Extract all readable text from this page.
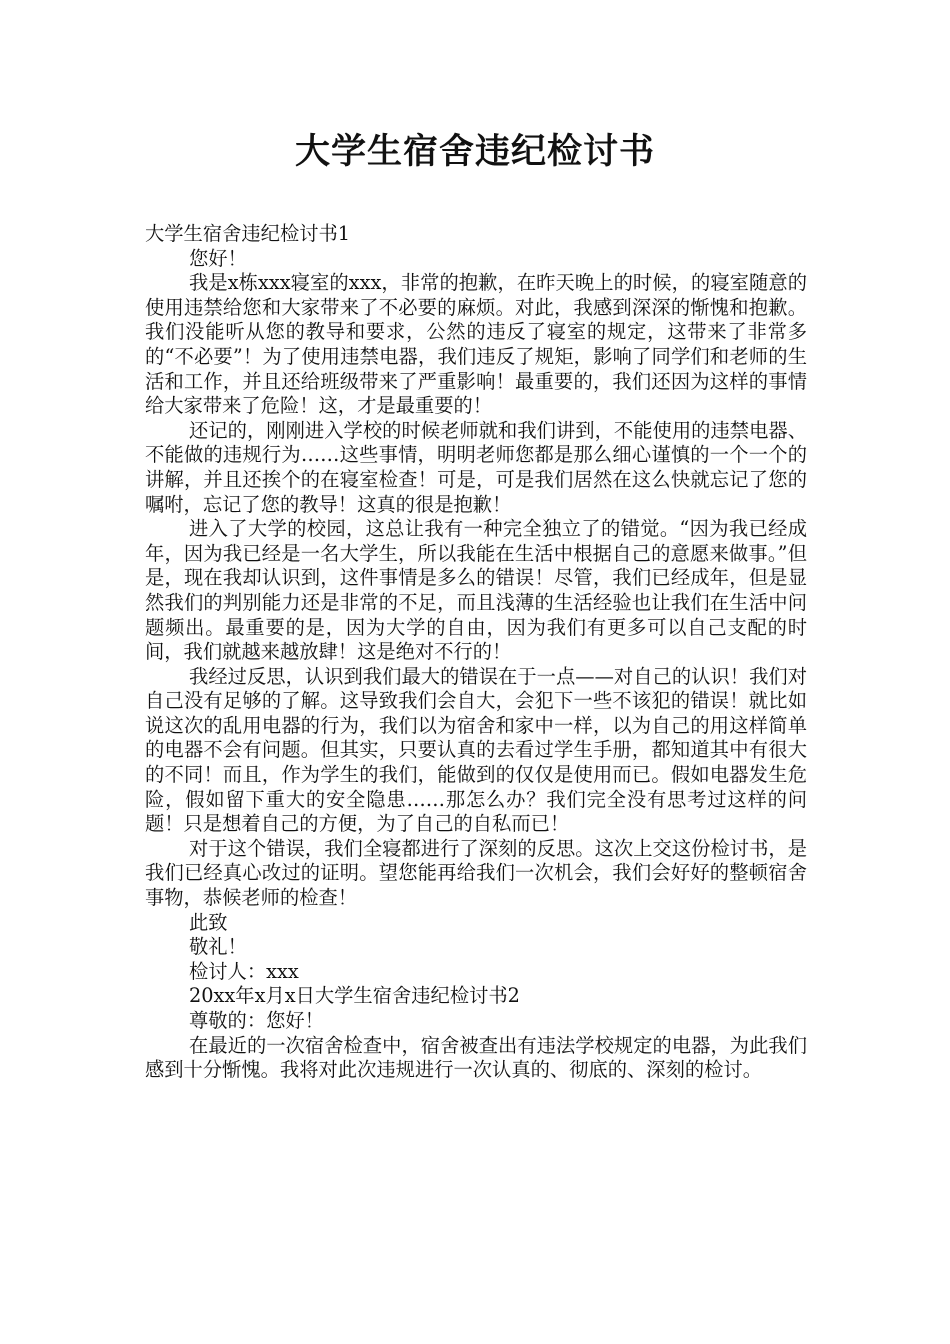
大学生宿舍违纪检讨书

大学生宿舍违纪检讨书1

您好！

我是x栋xxx寝室的xxx，非常的抱歉，在昨天晚上的时候，的寝室随意的使用违禁给您和大家带来了不必要的麻烦。对此，我感到深深的惭愧和抱歉。我们没能听从您的教导和要求，公然的违反了寝室的规定，这带来了非常多的“不必要”！为了使用违禁电器，我们违反了规矩，影响了同学们和老师的生活和工作，并且还给班级带来了严重影响！最重要的，我们还因为这样的事情给大家带来了危险！这，才是最重要的！

还记的，刚刚进入学校的时候老师就和我们讲到，不能使用的违禁电器、不能做的违规行为……这些事情，明明老师您都是那么细心谨慎的一个一个的讲解，并且还挨个的在寝室检查！可是，可是我们居然在这么快就忘记了您的嘱咐，忘记了您的教导！这真的很是抱歉！

进入了大学的校园，这总让我有一种完全独立了的错觉。“因为我已经成年，因为我已经是一名大学生，所以我能在生活中根据自己的意愿来做事。”但是，现在我却认识到，这件事情是多么的错误！尽管，我们已经成年，但是显然我们的判别能力还是非常的不足，而且浅薄的生活经验也让我们在生活中问题频出。最重要的是，因为大学的自由，因为我们有更多可以自己支配的时间，我们就越来越放肆！这是绝对不行的！

我经过反思，认识到我们最大的错误在于一点——对自己的认识！我们对自己没有足够的了解。这导致我们会自大，会犯下一些不该犯的错误！就比如说这次的乱用电器的行为，我们以为宿舍和家中一样，以为自己的用这样简单的电器不会有问题。但其实，只要认真的去看过学生手册，都知道其中有很大的不同！而且，作为学生的我们，能做到的仅仅是使用而已。假如电器发生危险，假如留下重大的安全隐患……那怎么办？我们完全没有思考过这样的问题！只是想着自己的方便，为了自己的自私而已！

对于这个错误，我们全寝都进行了深刻的反思。这次上交这份检讨书，是我们已经真心改过的证明。望您能再给我们一次机会，我们会好好的整顿宿舍事物，恭候老师的检查！

此致

敬礼！

检讨人：xxx

20xx年x月x日大学生宿舍违纪检讨书2

尊敬的：您好！

在最近的一次宿舍检查中，宿舍被查出有违法学校规定的电器，为此我们感到十分惭愧。我将对此次违规进行一次认真的、彻底的、深刻的检讨。
